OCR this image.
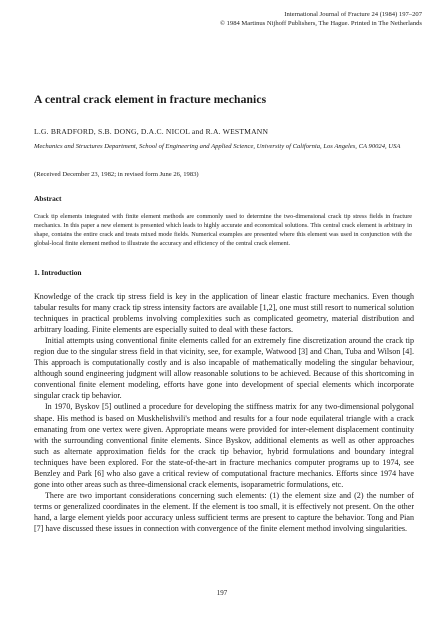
International Journal of Fracture 24 (1984) 197–207
© 1984 Martinus Nijhoff Publishers, The Hague. Printed in The Netherlands
A central crack element in fracture mechanics
L.G. BRADFORD, S.B. DONG, D.A.C. NICOL and R.A. WESTMANN
Mechanics and Structures Department, School of Engineering and Applied Science, University of California, Los Angeles, CA 90024, USA
(Received December 23, 1982; in revised form June 26, 1983)
Abstract

Crack tip elements integrated with finite element methods are commonly used to determine the two-dimensional crack tip stress fields in fracture mechanics. In this paper a new element is presented which leads to highly accurate and economical solutions. This central crack element is arbitrary in shape, contains the entire crack and treats mixed mode fields. Numerical examples are presented where this element was used in conjunction with the global-local finite element method to illustrate the accuracy and efficiency of the central crack element.

1. Introduction

Knowledge of the crack tip stress field is key in the application of linear elastic fracture mechanics. Even though tabular results for many crack tip stress intensity factors are available [1,2], one must still resort to numerical solution techniques in practical problems involving complexities such as complicated geometry, material distribution and arbitrary loading. Finite elements are especially suited to deal with these factors.

Initial attempts using conventional finite elements called for an extremely fine discretization around the crack tip region due to the singular stress field in that vicinity, see, for example, Watwood [3] and Chan, Tuba and Wilson [4]. This approach is computationally costly and is also incapable of mathematically modeling the singular behaviour, although sound engineering judgment will allow reasonable solutions to be achieved. Because of this shortcoming in conventional finite element modeling, efforts have gone into development of special elements which incorporate singular crack tip behavior.

In 1970, Byskov [5] outlined a procedure for developing the stiffness matrix for any two-dimensional polygonal shape. His method is based on Muskhelishvili's method and results for a four node equilateral triangle with a crack emanating from one vertex were given. Appropriate means were provided for inter-element displacement continuity with the surrounding conventional finite elements. Since Byskov, additional elements as well as other approaches such as alternate approximation fields for the crack tip behavior, hybrid formulations and boundary integral techniques have been explored. For the state-of-the-art in fracture mechanics computer programs up to 1974, see Benzley and Park [6] who also gave a critical review of computational fracture mechanics. Efforts since 1974 have gone into other areas such as three-dimensional crack elements, isoparametric formulations, etc.

There are two important considerations concerning such elements: (1) the element size and (2) the number of terms or generalized coordinates in the element. If the element is too small, it is effectively not present. On the other hand, a large element yields poor accuracy unless sufficient terms are present to capture the behavior. Tong and Pian [7] have discussed these issues in connection with convergence of the finite element method involving singularities.

197
